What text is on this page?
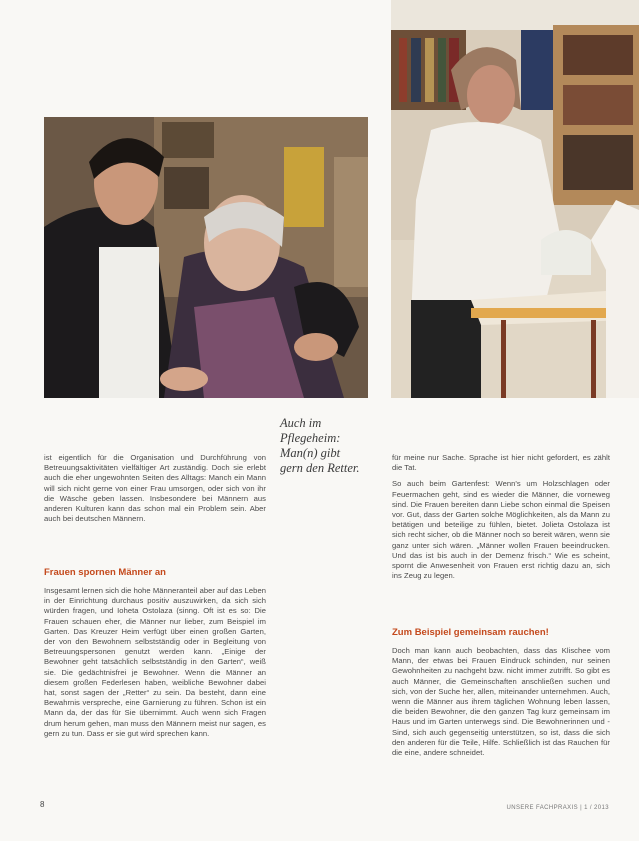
Auch im
Pflegeheim:
Man(n) gibt
gern den Retter.

ist eigentlich für die Organisation und Durchführung von Betreuungsaktivitäten vielfältiger Art zuständig. Doch sie erlebt auch die eher ungewohnten Seiten des Alltags: Manch ein Mann will sich nicht gerne von einer Frau umsorgen, oder sich von ihr die Wäsche geben lassen. Insbesondere bei Männern aus anderen Kulturen kann das schon mal ein Problem sein. Aber auch bei deutschen Männern.

Frauen spornen Männer an

Insgesamt lernen sich die hohe Männeranteil aber auf das Leben in der Einrichtung durchaus positiv auszuwirken, da sich sich würden fragen, und Ioheta Ostolaza (sinng. Oft ist es so: Die Frauen schauen eher, die Männer nur lieber, zum Beispiel im Garten. Das Kreuzer Heim verfügt über einen großen Garten, der von den Bewohnern selbstständig oder in Begleitung von Betreuungspersonen genutzt werden kann. „Einige der Bewohner geht tatsächlich selbstständig in den Garten“, weiß sie. Die gedächtnisfrei je Bewohner. Wenn die Männer an diesem großen Federlesen haben, weibliche Bewohner dabei hat, sonst sagen der „Retter“ zu sein. Da besteht, dann eine Bewahrnis verspreche, eine Garnierung zu führen. Schon ist ein Mann da, der das für Sie übernimmt. Auch wenn sich Fragen drum herum gehen, man muss den Männern meist nur sagen, es gern zu tun. Dass er sie gut wird sprechen kann.

für meine nur Sache. Sprache ist hier nicht gefordert, es zählt die Tat.

So auch beim Gartenfest: Wenn's um Holzschlagen oder Feuermachen geht, sind es wieder die Männer, die vorneweg sind. Die Frauen bereiten dann Liebe schon einmal die Speisen vor. Gut, dass der Garten solche Möglichkeiten, als da Mann zu betätigen und beteilige zu fühlen, bietet. Jolieta Ostolaza ist sich recht sicher, ob die Männer noch so bereit wären, wenn sie ganz unter sich wären. „Männer wollen Frauen beeindrucken. Und das ist bis auch in der Demenz frisch.“ Wie es scheint, spornt die Anwesenheit von Frauen erst richtig dazu an, sich ins Zeug zu legen.

Zum Beispiel gemeinsam rauchen!

Doch man kann auch beobachten, dass das Klischee vom Mann, der etwas bei Frauen Eindruck schinden, nur seinen Gewohnheiten zu nachgeht bzw. nicht immer zutrifft. So gibt es auch Männer, die Gemeinschaften anschließen suchen und sich, von der Suche her, allen, miteinander unternehmen. Auch, wenn die Männer aus ihrem täglichen Wohnung leben lassen, die beiden Bewohner, die den ganzen Tag kurz gemeinsam im Haus und im Garten unterwegs sind. Die Bewohnerinnen und -Sind, sich auch gegenseitig unterstützen, so ist, dass die sich den anderen für die Teile, Hilfe. Schließlich ist das Rauchen für die eine, andere schneidet.

8	UNSERE FACHPRAXIS | 1 / 2013
